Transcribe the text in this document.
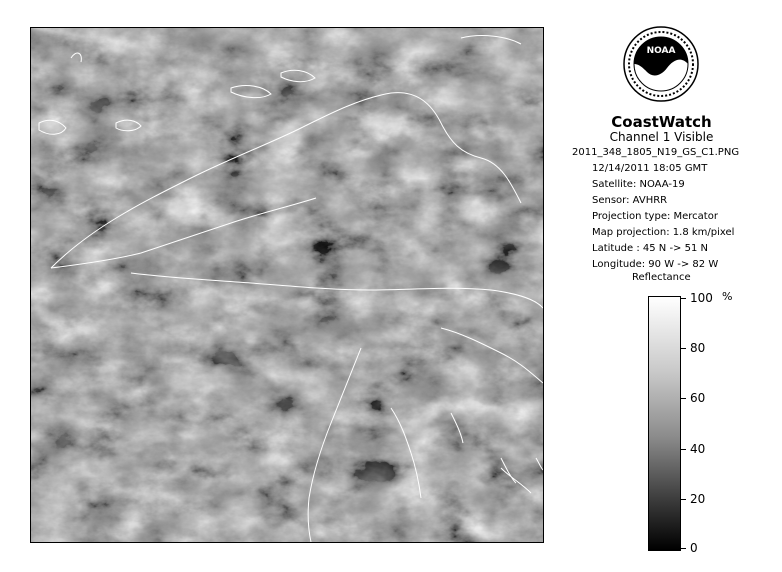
NOAA
CoastWatch
Channel 1 Visible
2011_348_1805_N19_GS_C1.PNG
12/14/2011 18:05 GMT
Satellite: NOAA-19
Sensor: AVHRR
Projection type: Mercator
Map projection: 1.8 km/pixel
Latitude : 45 N -> 51 N
Longitude: 90 W -> 82 W
Reflectance
%
100
80
60
40
20
0
